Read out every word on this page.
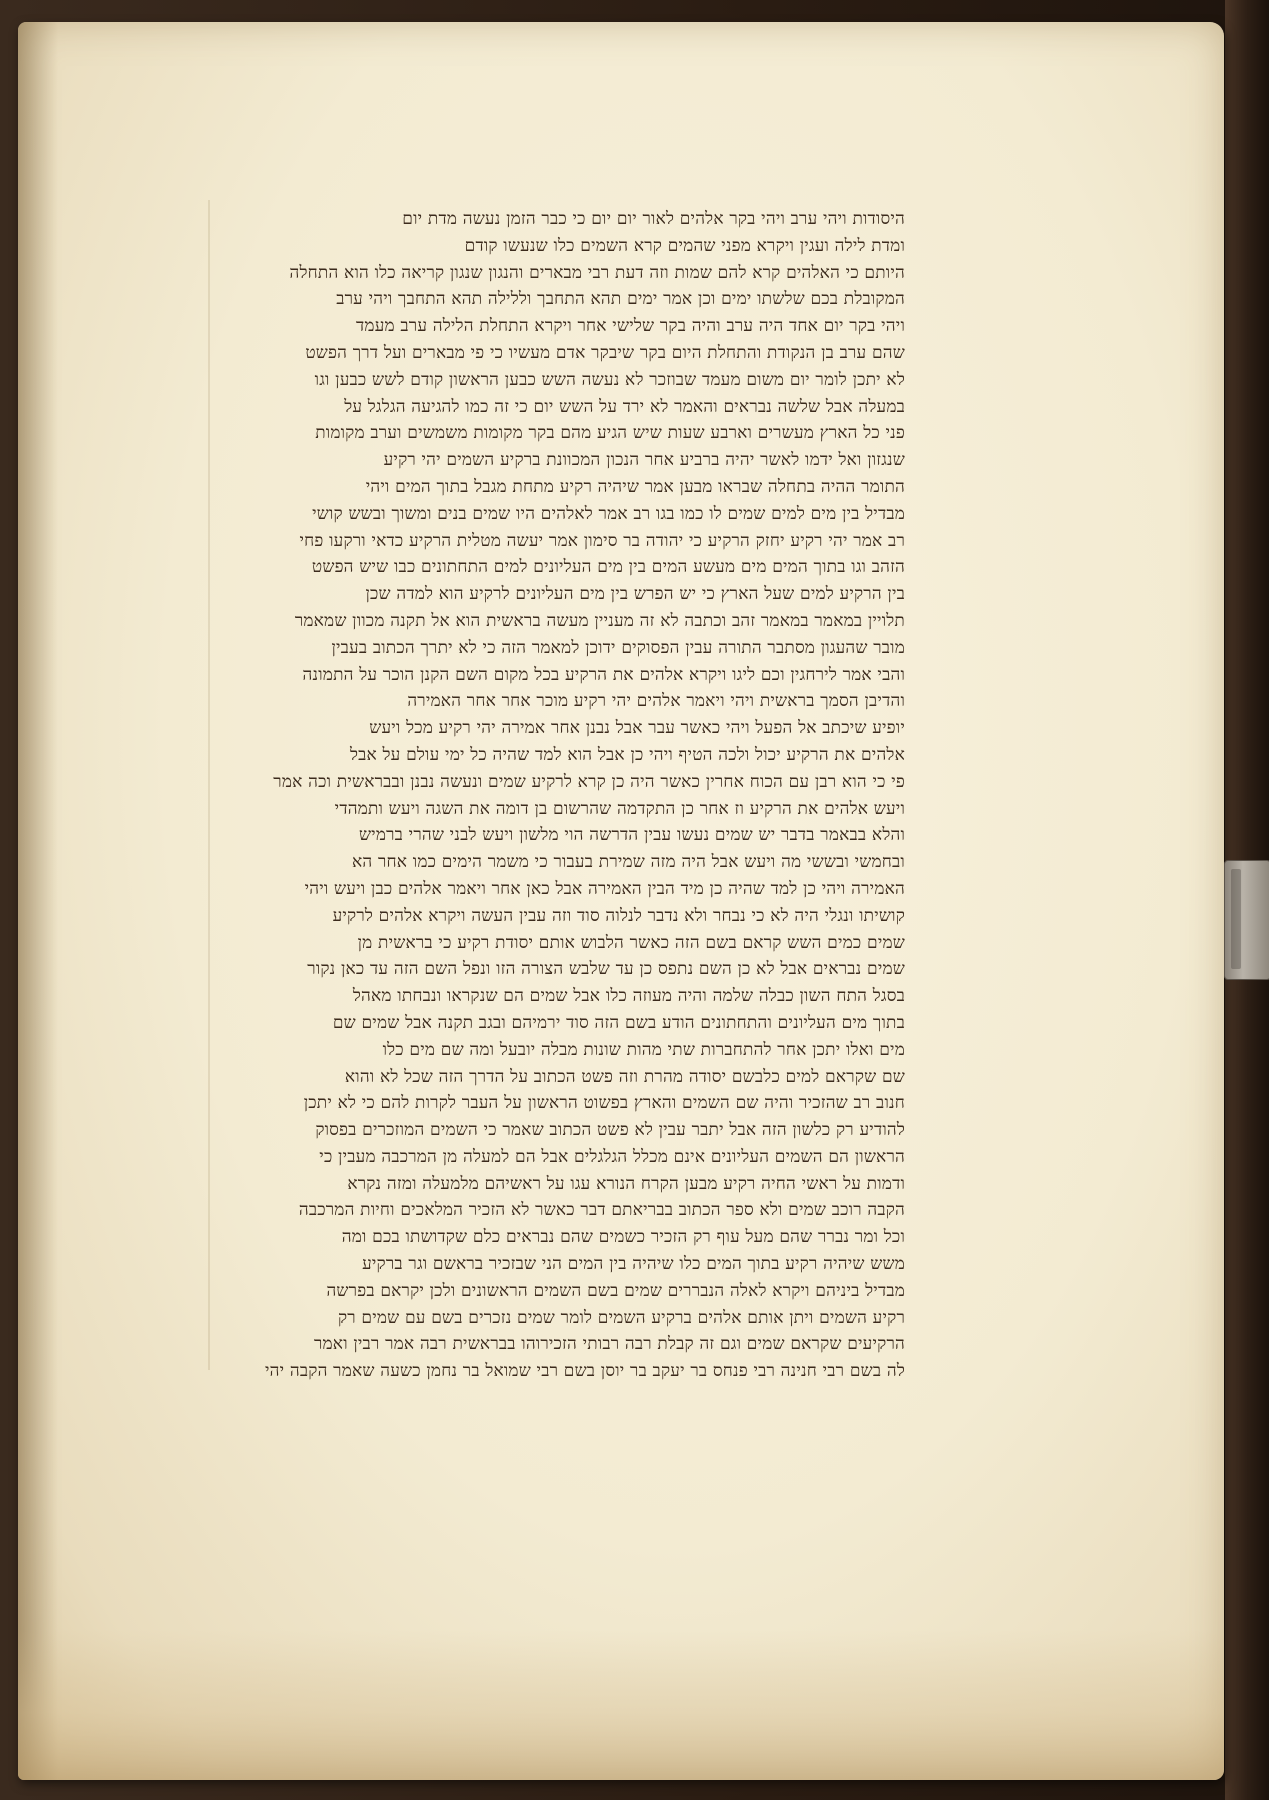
היסודות ויהי ערב ויהי בקר אלהים לאור יום יום כי כבר הזמן נעשה מדת יום
ומדת לילה ועגין ויקרא מפני שהמים קרא השמים כלו שנעשו קודם
היותם כי האלהים קרא להם שמות וזה דעת רבי מבארים והנגון שנגון קריאה כלו הוא התחלה
המקובלת בכם שלשתו ימים וכן אמר ימים תהא התחבך וללילה תהא התחבך ויהי ערב
ויהי בקר יום אחד היה ערב והיה בקר שלישי אחר ויקרא התחלת הלילה ערב מעמד
שהם ערב בן הנקודת והתחלת היום בקר שיבקר אדם מעשיו כי פי מבארים ועל דרך הפשט
לא יתכן לומר יום משום מעמד שבוזכר לא נעשה השש כבען הראשון קודם לשש כבען וגו
במעלה אבל שלשה נבראים והאמר לא ירד על השש יום כי זה כמו להגיעה הגלגל על
פני כל הארץ מעשרים וארבע שעות שיש הגיע מהם בקר מקומות משמשים וערב מקומות
שנגזון ואל ידמו לאשר יהיה ברביע אחר הנכון המכוונת ברקיע השמים יהי רקיע
התומר ההיה בתחלה שבראו מבען אמר שיהיה רקיע מתחת מגבל בתוך המים ויהי
מבדיל בין מים למים שמים לו כמו בגו רב אמר לאלהים היו שמים בנים ומשוך ובשש קושי
רב אמר יהי רקיע יחזק הרקיע כי יהודה בר סימון אמר יעשה מטלית הרקיע כדאי ורקעו פחי
הזהב וגו בתוך המים מים מעשע המים בין מים העליונים למים התחתונים כבו שיש הפשט
בין הרקיע למים שעל הארץ כי יש הפרש בין מים העליונים לרקיע הוא למדה שכן
תלויין במאמר במאמר זהב וכתבה לא זה מעניין מעשה בראשית הוא אל תקנה מכוון שמאמר
מובר שהעגון מסתבר התורה עבין הפסוקים ידוכן למאמר הזה כי לא יתרך הכתוב בעבין
והבי אמר לירחגין וכם ליגו ויקרא אלהים את הרקיע בכל מקום השם הקנן הוכר על התמונה
והדיבן הסמך בראשית ויהי ויאמר אלהים יהי רקיע מוכר אחר אחר האמירה
יופיע שיכתב אל הפעל ויהי כאשר עבר אבל נבנן אחר אמירה יהי רקיע מכל ויעש
אלהים את הרקיע יכול ולכה הטיף ויהי כן אבל הוא למד שהיה כל ימי עולם על אבל
פי כי הוא רבן עם הכוח אחרין כאשר היה כן קרא לרקיע שמים ונעשה נבנן ובבראשית וכה אמר
ויעש אלהים את הרקיע וז אחר כן התקדמה שהרשום בן דומה את השגה ויעש ותמהדי
והלא בבאמר בדבר יש שמים נעשו עבין הדרשה הוי מלשון ויעש לבני שהרי ברמיש
ובחמשי ובששי מה ויעש אבל היה מזה שמירת בעבור כי משמר הימים כמו אחר הא
האמירה ויהי כן למד שהיה כן מיד הבין האמירה אבל כאן אחר ויאמר אלהים כבן ויעש ויהי
קושיתו ונגלי היה לא כי נבחר ולא נדבר לנלוה סוד וזה עבין העשה ויקרא אלהים לרקיע
שמים כמים השש קראם בשם הזה כאשר הלבוש אותם יסודת רקיע כי בראשית מן
שמים נבראים אבל לא כן השם נתפס כן עד שלבש הצורה הזו ונפל השם הזה עד כאן נקור
בסגל התח השון כבלה שלמה והיה מעוזה כלו אבל שמים הם שנקראו ונבחתו מאהל
בתוך מים העליונים והתחתונים הודע בשם הזה סוד ירמיהם ובגב תקנה אבל שמים שם
מים ואלו יתכן אחר להתחברות שתי מהות שונות מבלה יובעל ומה שם מים כלו
שם שקראם למים כלבשם יסודה מהרת וזה פשט הכתוב על הדרך הזה שכל לא והוא
חנוב רב שהזכיר והיה שם השמים והארץ בפשוט הראשון על העבר לקרות להם כי לא יתכן
להודיע רק כלשון הזה אבל יתבר עבין לא פשט הכתוב שאמר כי השמים המוזכרים בפסוק
הראשון הם השמים העליונים אינם מכלל הגלגלים אבל הם למעלה מן המרכבה מעבין כי
ודמות על ראשי החיה רקיע מבען הקרח הנורא עגו על ראשיהם מלמעלה ומזה נקרא
הקבה רוכב שמים ולא ספר הכתוב בבריאתם דבר כאשר לא הזכיר המלאכים וחיות המרכבה
וכל ומר נברר שהם מעל עוף רק הזכיר כשמים שהם נבראים כלם שקדושתו בכם ומה
משש שיהיה רקיע בתוך המים כלו שיהיה בין המים הני שבזכיר בראשם וגר ברקיע
מבדיל ביניהם ויקרא לאלה הנבררים שמים בשם השמים הראשונים ולכן יקראם בפרשה
רקיע השמים ויתן אותם אלהים ברקיע השמים לומר שמים נזכרים בשם עם שמים רק
הרקיעים שקראם שמים וגם זה קבלת רבה רבותי הזכירוהו בבראשית רבה אמר רבין ואמר
לה בשם רבי חנינה רבי פנחס בר יעקב בר יוסן בשם רבי שמואל בר נחמן כשעה שאמר הקבה יהי
